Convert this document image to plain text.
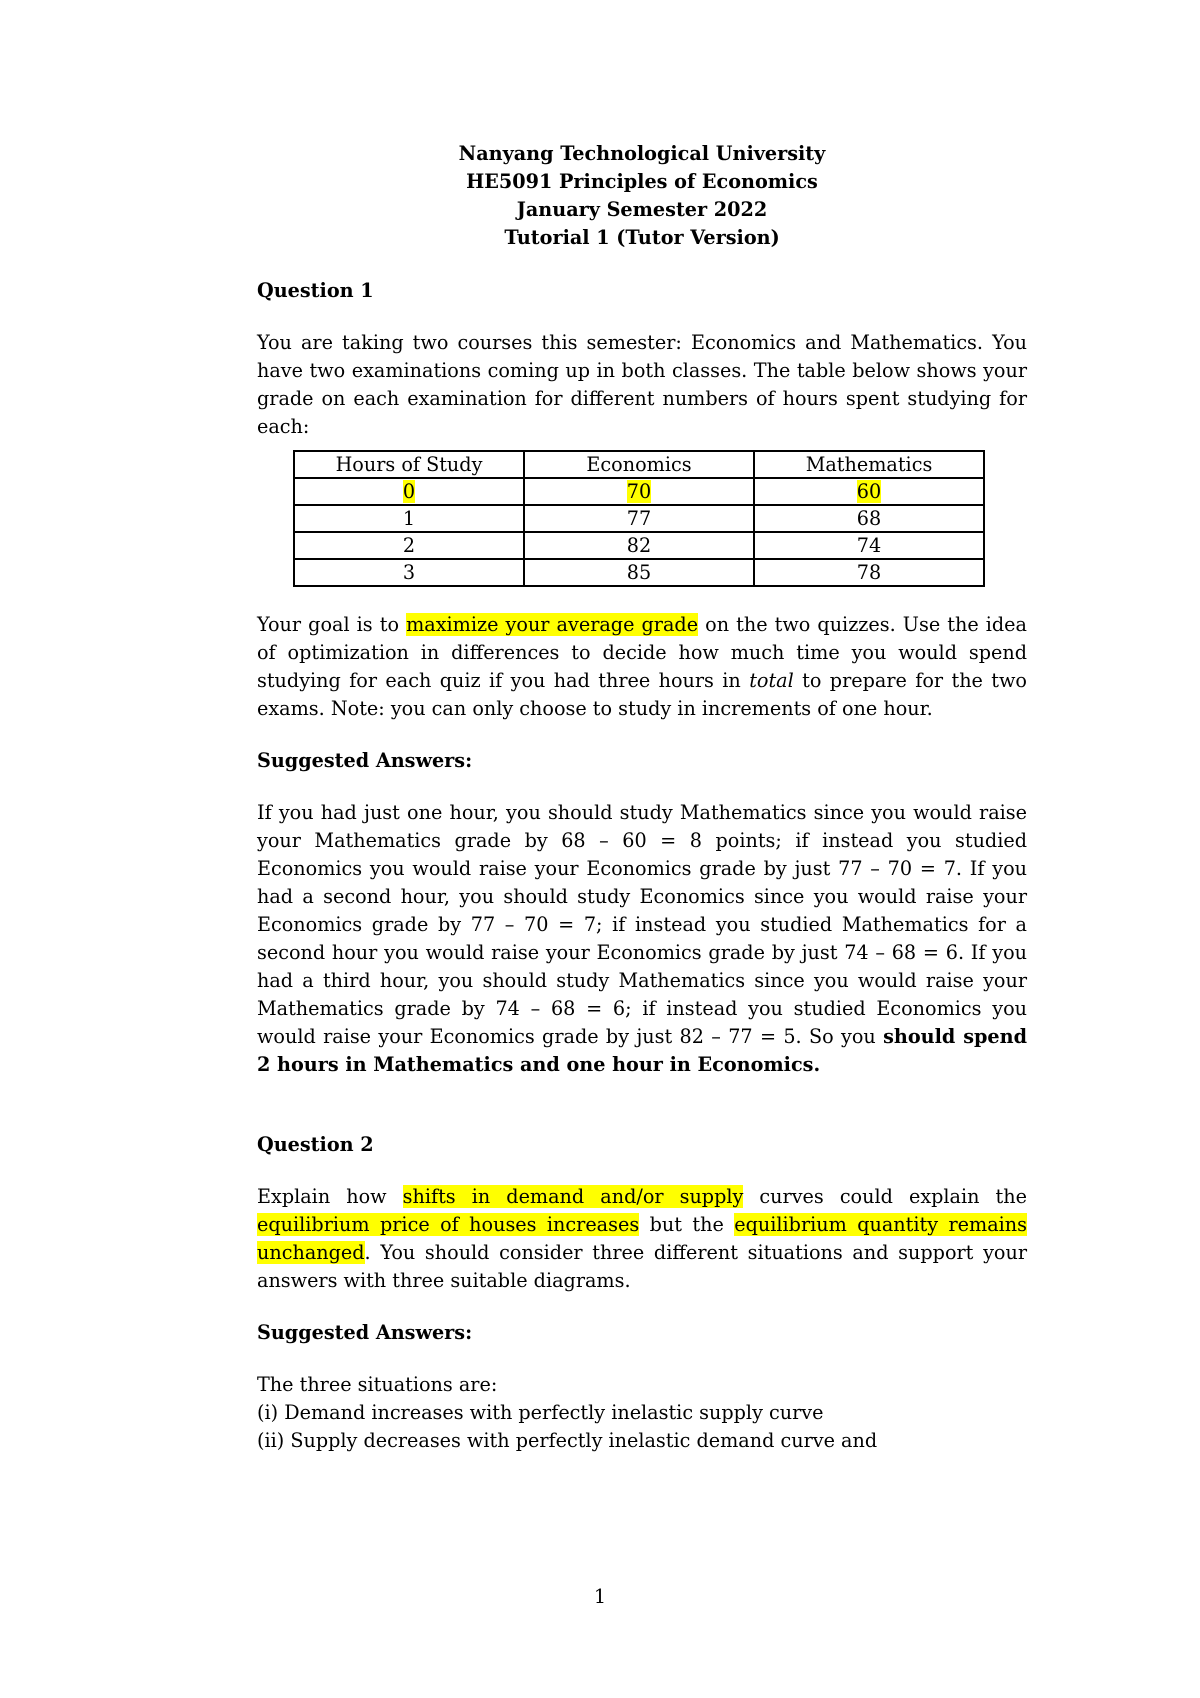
Nanyang Technological University
HE5091 Principles of Economics
January Semester 2022
Tutorial 1 (Tutor Version)
Question 1

You are taking two courses this semester: Economics and Mathematics. You have two examinations coming up in both classes. The table below shows your grade on each examination for different numbers of hours spent studying for each:

Hours of Study	Economics	Mathematics
0	70	60
1	77	68
2	82	74
3	85	78

Your goal is to maximize your average grade on the two quizzes. Use the idea of optimization in differences to decide how much time you would spend studying for each quiz if you had three hours in total to prepare for the two exams. Note: you can only choose to study in increments of one hour.

Suggested Answers:

If you had just one hour, you should study Mathematics since you would raise your Mathematics grade by 68 – 60 = 8 points; if instead you studied Economics you would raise your Economics grade by just 77 – 70 = 7. If you had a second hour, you should study Economics since you would raise your Economics grade by 77 – 70 = 7; if instead you studied Mathematics for a second hour you would raise your Economics grade by just 74 – 68 = 6. If you had a third hour, you should study Mathematics since you would raise your Mathematics grade by 74 – 68 = 6; if instead you studied Economics you would raise your Economics grade by just 82 – 77 = 5. So you should spend 2 hours in Mathematics and one hour in Economics.

Question 2

Explain how shifts in demand and/or supply curves could explain the equilibrium price of houses increases but the equilibrium quantity remains unchanged. You should consider three different situations and support your answers with three suitable diagrams.

Suggested Answers:

The three situations are:

(i) Demand increases with perfectly inelastic supply curve

(ii) Supply decreases with perfectly inelastic demand curve and

1
